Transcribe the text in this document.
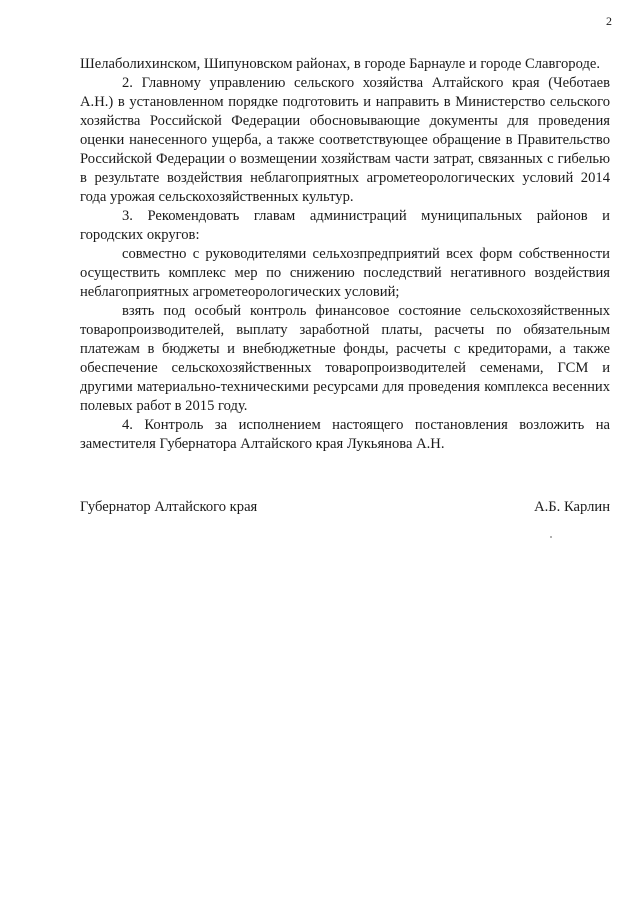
2

Шелаболихинском, Шипуновском районах, в городе Барнауле и городе Славгороде.

2. Главному управлению сельского хозяйства Алтайского края (Чеботаев А.Н.) в установленном порядке подготовить и направить в Министерство сельского хозяйства Российской Федерации обосновывающие документы для проведения оценки нанесенного ущерба, а также соответствующее обращение в Правительство Российской Федерации о возмещении хозяйствам части затрат, связанных с гибелью в результате воздействия неблагоприятных агрометеорологических условий 2014 года урожая сельскохозяйственных культур.

3. Рекомендовать главам администраций муниципальных районов и городских округов:

совместно с руководителями сельхозпредприятий всех форм собственности осуществить комплекс мер по снижению последствий негативного воздействия неблагоприятных агрометеорологических условий;

взять под особый контроль финансовое состояние сельскохозяйственных товаропроизводителей, выплату заработной платы, расчеты по обязательным платежам в бюджеты и внебюджетные фонды, расчеты с кредиторами, а также обеспечение сельскохозяйственных товаропроизводителей семенами, ГСМ и другими материально-техническими ресурсами для проведения комплекса весенних полевых работ в 2015 году.

4. Контроль за исполнением настоящего постановления возложить на заместителя Губернатора Алтайского края Лукьянова А.Н.

Губернатор Алтайского края	А.Б. Карлин
